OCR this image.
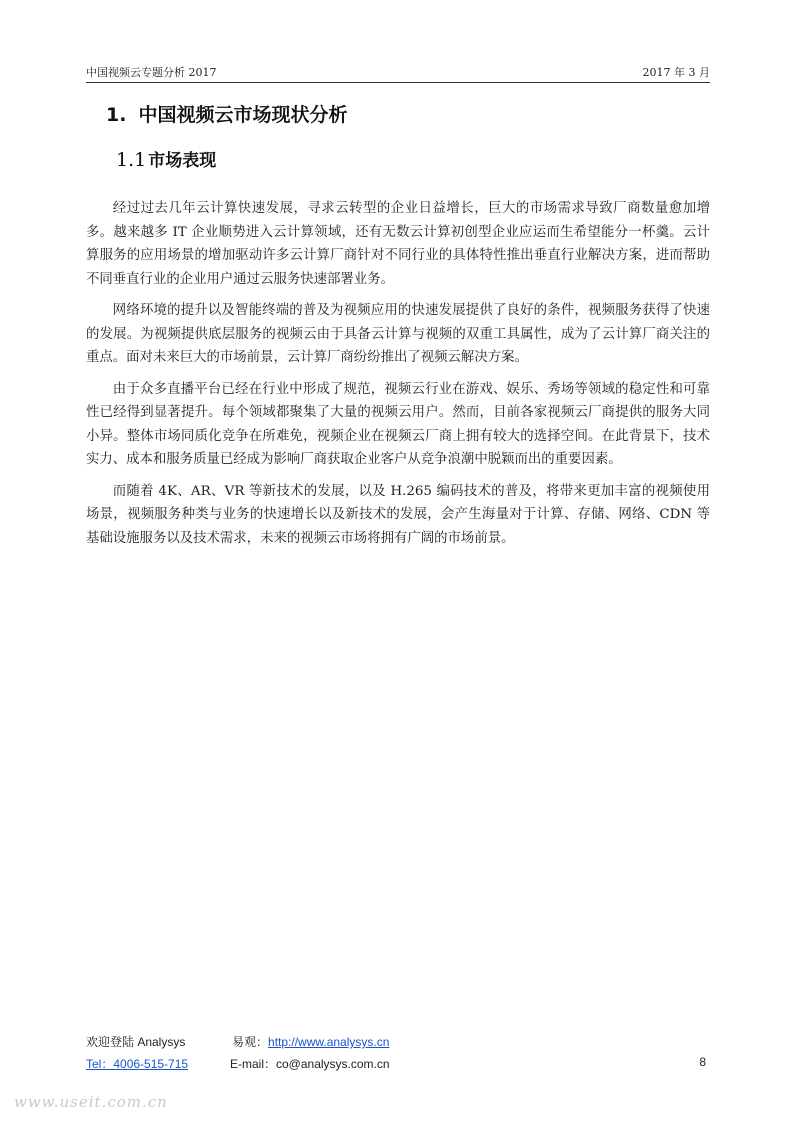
中国视频云专题分析 2017	2017 年 3 月
1. 中国视频云市场现状分析
1.1 市场表现

经过过去几年云计算快速发展，寻求云转型的企业日益增长，巨大的市场需求导致厂商数量愈加增多。越来越多 IT 企业顺势进入云计算领域，还有无数云计算初创型企业应运而生希望能分一杯羹。云计算服务的应用场景的增加驱动许多云计算厂商针对不同行业的具体特性推出垂直行业解决方案，进而帮助不同垂直行业的企业用户通过云服务快速部署业务。

网络环境的提升以及智能终端的普及为视频应用的快速发展提供了良好的条件，视频服务获得了快速的发展。为视频提供底层服务的视频云由于具备云计算与视频的双重工具属性，成为了云计算厂商关注的重点。面对未来巨大的市场前景，云计算厂商纷纷推出了视频云解决方案。

由于众多直播平台已经在行业中形成了规范，视频云行业在游戏、娱乐、秀场等领域的稳定性和可靠性已经得到显著提升。每个领域都聚集了大量的视频云用户。然而，目前各家视频云厂商提供的服务大同小异。整体市场同质化竞争在所难免，视频企业在视频云厂商上拥有较大的选择空间。在此背景下，技术实力、成本和服务质量已经成为影响厂商获取企业客户从竞争浪潮中脱颖而出的重要因素。

而随着 4K、AR、VR 等新技术的发展，以及 H.265 编码技术的普及，将带来更加丰富的视频使用场景，视频服务种类与业务的快速增长以及新技术的发展，会产生海量对于计算、存储、网络、CDN 等基础设施服务以及技术需求，未来的视频云市场将拥有广阔的市场前景。

欢迎登陆 Analysys	易观：http://www.analysys.cn
Tel：4006-515-715	E-mail：co@analysys.com.cn	8
www.useit.com.cn
